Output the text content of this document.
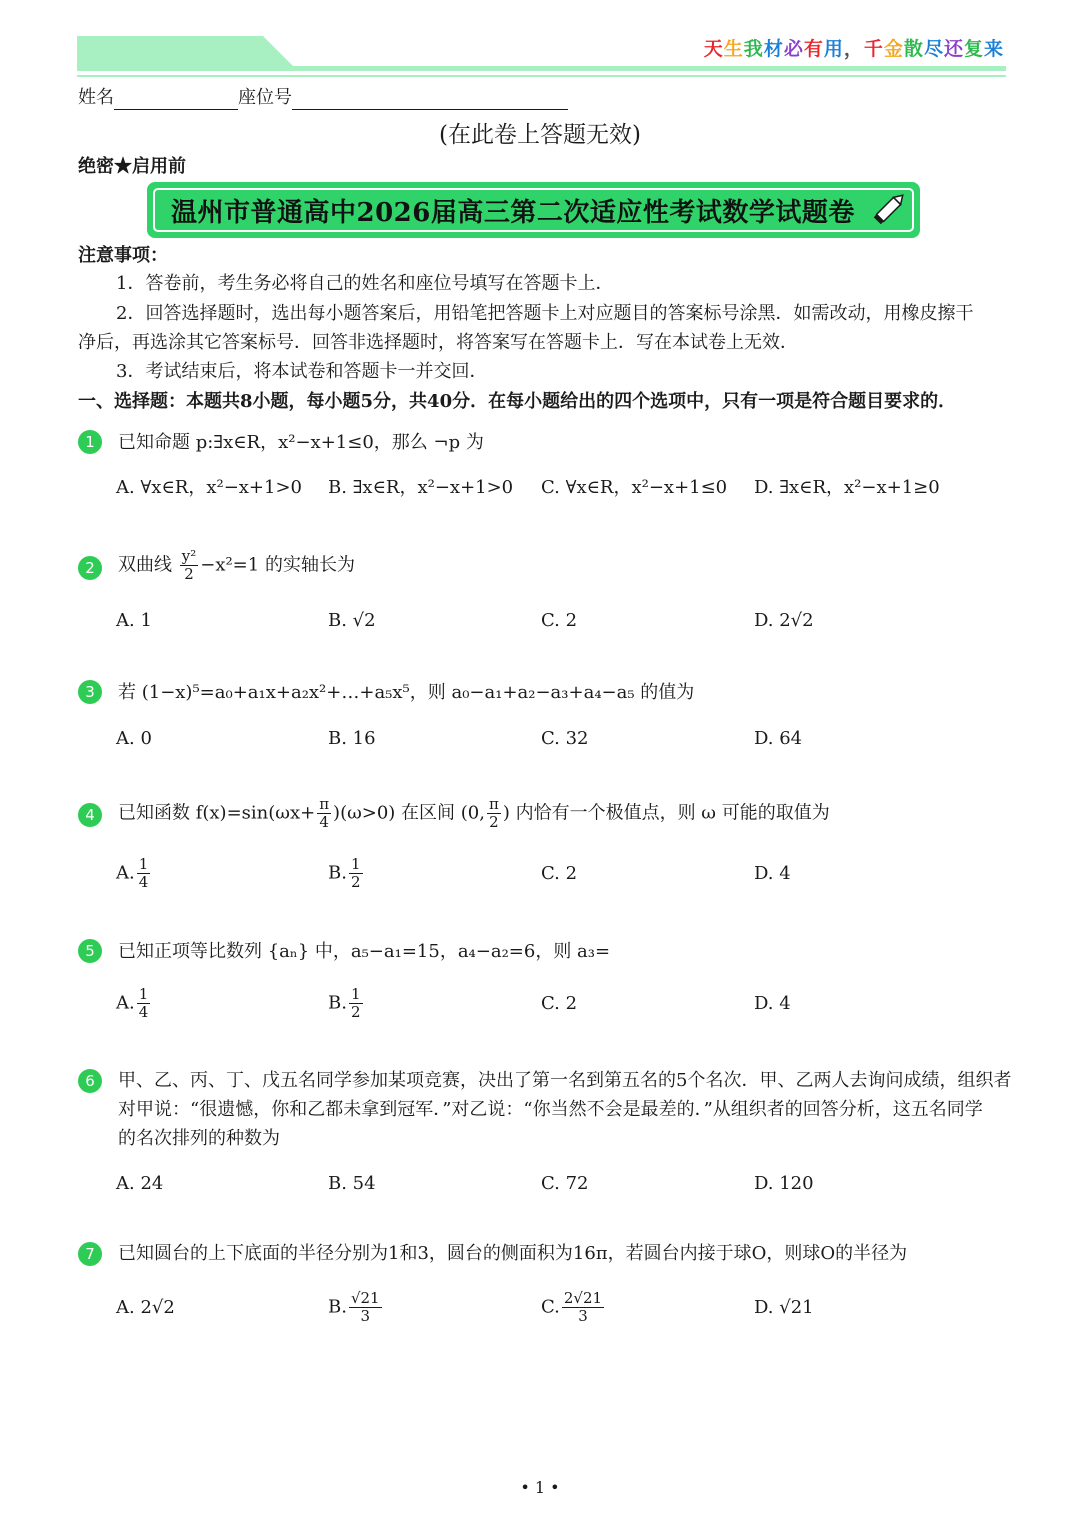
天生我材必有用，千金散尽还复来
姓名	座位号
(在此卷上答题无效)
绝密★启用前
温州市普通高中2026届高三第二次适应性考试数学试题卷
注意事项：
1．答卷前，考生务必将自己的姓名和座位号填写在答题卡上．
2．回答选择题时，选出每小题答案后，用铅笔把答题卡上对应题目的答案标号涂黑．如需改动，用橡皮擦干
净后，再选涂其它答案标号．回答非选择题时，将答案写在答题卡上．写在本试卷上无效．
3．考试结束后，将本试卷和答题卡一并交回．
一、选择题：本题共8小题，每小题5分，共40分．在每小题给出的四个选项中，只有一项是符合题目要求的．
1	已知命题 p:∃x∈R，x²−x+1≤0，那么 ¬p 为
A. ∀x∈R，x²−x+1>0 B. ∃x∈R，x²−x+1>0 C. ∀x∈R，x²−x+1≤0 D. ∃x∈R，x²−x+1≥0
2	双曲线 $\frac{\text{y²}}{2} -x^2=1$ 的实轴长为
A. 1	B. √2	C. 2	D. 2√2
3	若 (1−x)⁵=a₀+a₁x+a₂x²+…+a₅x⁵，则 a₀−a₁+a₂−a₃+a₄−a₅ 的值为
A. 0	B. 16	C. 32	D. 64
4	已知函数 $f(x)=\sin(\omega x+ \frac{\pi}{4} )(\omega>0)$ 在区间 (0, $\frac{\pi}{2}$ ) 内恰有一个极值点，则 ω 可能的取值为
A. $\frac{1}{4}$	B. $\frac{1}{2}$	C. 2	D. 4
5	已知正项等比数列 {aₙ} 中，a₅−a₁=15，a₄−a₂=6，则 a₃=
A. $\frac{1}{4}$	B. $\frac{1}{2}$	C. 2	D. 4
6	甲、乙、丙、丁、戊五名同学参加某项竞赛，决出了第一名到第五名的5个名次．甲、乙两人去询问成绩，组织者
对甲说：“很遗憾，你和乙都未拿到冠军．”对乙说：“你当然不会是最差的．”从组织者的回答分析，这五名同学
的名次排列的种数为
A. 24	B. 54	C. 72	D. 120
7	已知圆台的上下底面的半径分别为1和3，圆台的侧面积为16π，若圆台内接于球O，则球O的半径为
A. 2√2	B. $\frac{√21}{3}$	C. $\frac{2√21}{3}$	D. √21
• 1 •
